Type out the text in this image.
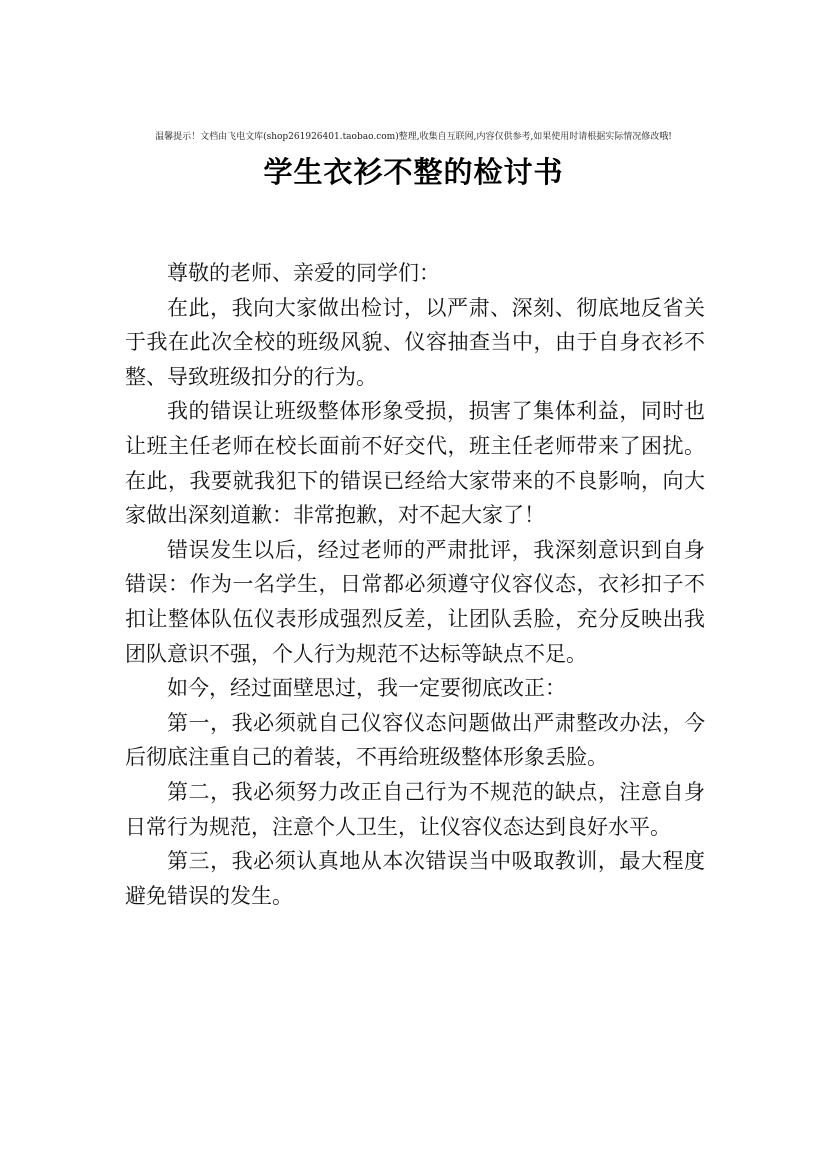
温馨提示！文档由飞电文库(shop261926401.taobao.com)整理,收集自互联网,内容仅供参考,如果使用时请根据实际情况修改哦!
学生衣衫不整的检讨书

尊敬的老师、亲爱的同学们：

在此，我向大家做出检讨，以严肃、深刻、彻底地反省关于我在此次全校的班级风貌、仪容抽查当中，由于自身衣衫不整、导致班级扣分的行为。

我的错误让班级整体形象受损，损害了集体利益，同时也让班主任老师在校长面前不好交代，班主任老师带来了困扰。在此，我要就我犯下的错误已经给大家带来的不良影响，向大家做出深刻道歉：非常抱歉，对不起大家了！

错误发生以后，经过老师的严肃批评，我深刻意识到自身错误：作为一名学生，日常都必须遵守仪容仪态，衣衫扣子不扣让整体队伍仪表形成强烈反差，让团队丢脸，充分反映出我团队意识不强，个人行为规范不达标等缺点不足。

如今，经过面壁思过，我一定要彻底改正：

第一，我必须就自己仪容仪态问题做出严肃整改办法，今后彻底注重自己的着装，不再给班级整体形象丢脸。

第二，我必须努力改正自己行为不规范的缺点，注意自身日常行为规范，注意个人卫生，让仪容仪态达到良好水平。

第三，我必须认真地从本次错误当中吸取教训，最大程度避免错误的发生。
